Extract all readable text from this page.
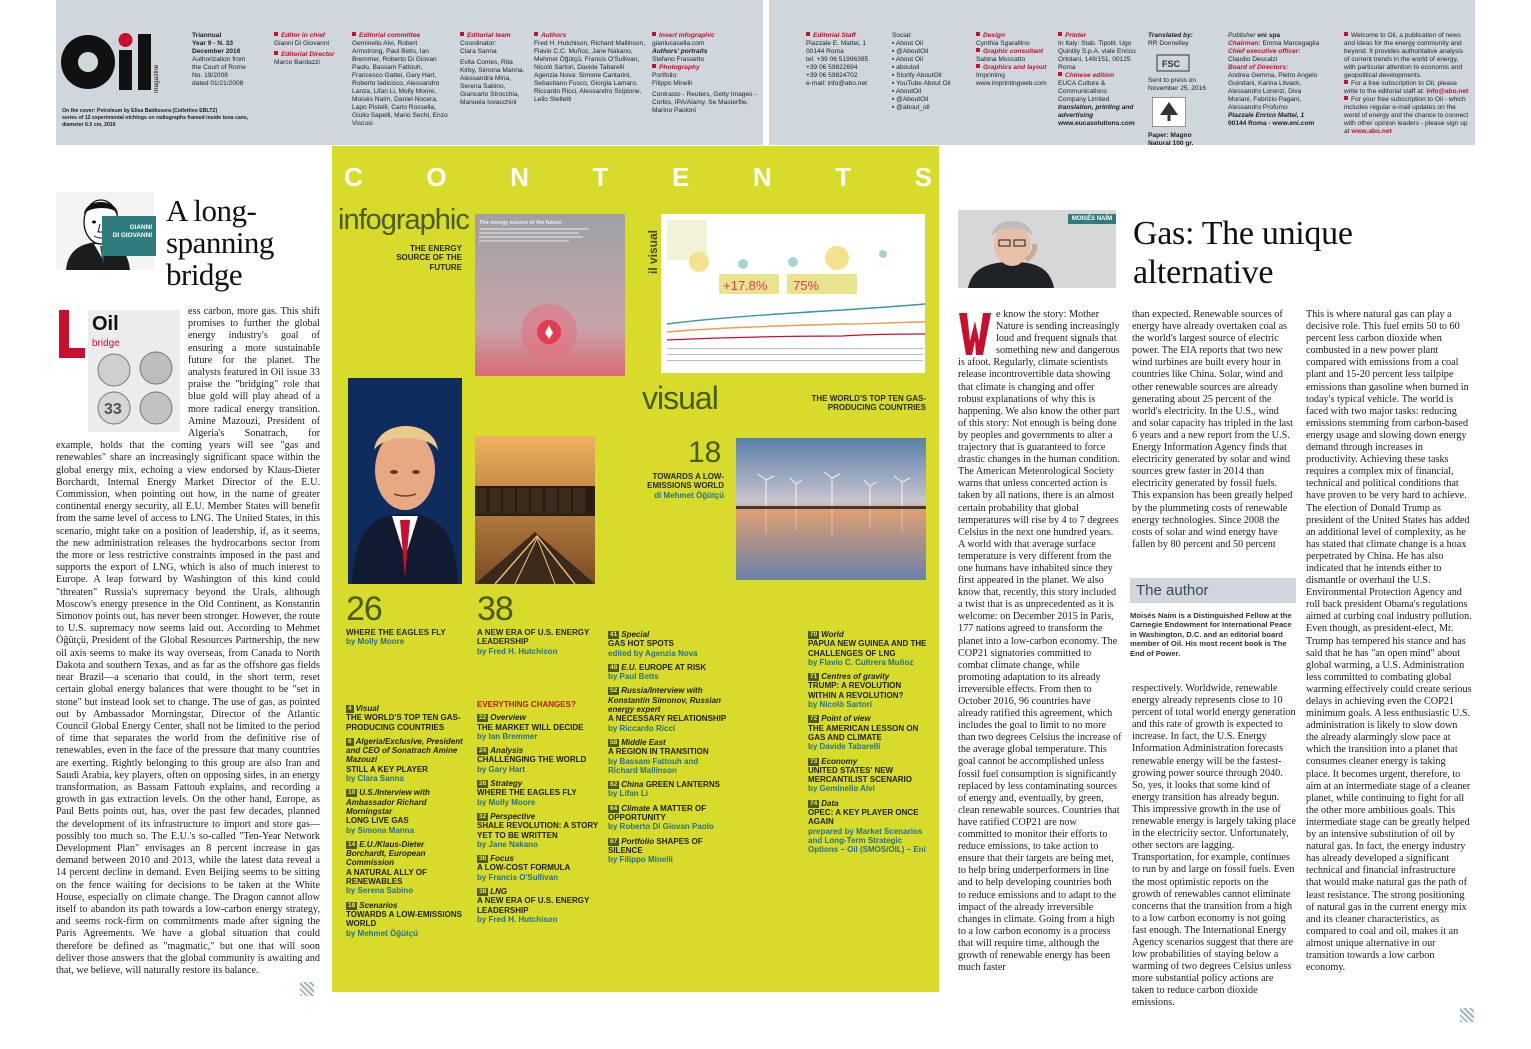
magazine
Triannual
Year 9 - N. 33
December 2016
Authorization from
the Court of Rome
No. 19/2008
dated 01/21/2008
On the cover: Petroleum by Elisa Baldissera (Collettivo EBLTZ)
series of 12 experimental etchings on radiographs framed inside tuna cans,
diameter 6.5 cm, 2016
Editor in chief
Gianni Di Giovanni
Editorial Director
Marco Bardazzi
Editorial committee
Geminello Alvi, Robert Armstrong, Paul Betts, Ian Bremmer, Roberto Di Giovan Paolo, Bassam Fattouh, Francesco Gattei, Gary Hart, Roberto Iadicicco, Alessandro Lanza, Lifan Li, Molly Moore, Moisés Naím, Daniel Nocera, Lapo Pistelli, Carlo Rossella, Giulio Sapelli, Mario Sechi, Enzo Viscusi
Editorial team
Coordinator:
Clara Sanna
Evita Comes, Rita Kirby, Simona Manna, Alessandra Mina, Serena Sabino, Giancarlo Strocchia, Manuela Iovacchini
Authors
Fred H. Hutchison, Richard Mallinson, Flavio C.C. Muñoz, Jane Nakano, Mehmet Öğütçü, Francis O'Sullivan, Nicolò Sartori, Davide Tabarelli
Agenzia Nova: Simone Cantarini, Sebastiano Fusco, Giorgia Lamaro, Riccardo Ricci, Alessandro Scipione, Lelio Stelletti
Insert infographic
gianlucasella.com
Authors' portraits
Stefano Frassetto
Photography
Portfolio:
Filippo Minelli
Contrasto - Reuters, Getty Images - Corbis, IPA/Alamy, Se Masterfile, Marino Paoloni
Editorial Staff
Piazzale E. Mattei, 1
00144 Roma
tel. +39 06 51996385
+39 06 59822694
+39 06 59824702
e-mail: info@abo.net
Social:
▪ About Oil
▪ @AboutOil
▪ About Oil
▪ aboutoil
▪ Storify AboutOil
▪ YouTube About Oil
▪ AboutOil
▪ @AboutOil
▪ @about_oil
Design
Cynthia Sgarallino
Graphic consultant
Sabina Moscatto
Graphics and layout
Imprinting
www.imprintingweb.com
Printer
In Italy: Stab. Tipolit. Ugo Quintily S.p.A. viale Enrico Ortolani, 149/151, 00125 Roma
Chinese edition
EUCA Culture & Communications Company Limited
translation, printing and advertising
www.eucasolutions.com
Translated by:
RR Donnelley
FSC
Sent to press on November 25, 2016
Paper: Magno Natural 100 gr.
Publisher eni spa
Chairman: Emma Marcegaglia
Chief executive officer:
Claudio Descalzi
Board of Directors:
Andrea Gemma, Pietro Angelo Guindani, Karina Litvack, Alessandro Lorenzi, Diva Moriani, Fabrizio Pagani, Alessandro Profumo
Piazzale Enrico Mattei, 1
00144 Roma - www.eni.com
Welcome to Oil, a publication of news and ideas for the energy community and beyond. It provides authoritative analysis of current trends in the world of energy, with particular attention to economic and geopolitical developments.
For a free subscription to Oil, please write to the editorial staff at: info@abo.net
For your free subscription to Oil - which includes regular e-mail updates on the world of energy and the chance to connect with other opinion leaders - please sign up at www.abo.net
GIANNI
DI GIOVANNI
A long-spanning bridge
L
Oil
bridge
33
ess carbon, more gas. This shift promises to further the global energy industry's goal of ensuring a more sustainable future for the planet. The analysts featured in Oil issue 33 praise the "bridging" role that blue gold will play ahead of a more radical energy transition. Amine Mazouzi, President of Algeria's Sonatrach, for example, holds that the coming years will see "gas and renewables" share an increasingly significant space within the global energy mix, echoing a view endorsed by Klaus-Dieter Borchardt, Internal Energy Market Director of the E.U. Commission, when pointing out how, in the name of greater continental energy security, all E.U. Member States will benefit from the same level of access to LNG. The United States, in this scenario, might take on a position of leadership, if, as it seems, the new administration releases the hydrocarbons sector from the more or less restrictive constraints imposed in the past and supports the export of LNG, which is also of much interest to Europe. A leap forward by Washington of this kind could "threaten" Russia's supremacy beyond the Urals, although Moscow's energy presence in the Old Continent, as Konstantin Simonov points out, has never been stronger. However, the route to U.S. supremacy now seems laid out. According to Mehmet Öğütçü, President of the Global Resources Partnership, the new oil axis seems to make its way overseas, from Canada to North Dakota and southern Texas, and as far as the offshore gas fields near Brazil—a scenario that could, in the short term, reset certain global energy balances that were thought to be "set in stone" but instead look set to change. The use of gas, as pointed out by Ambassador Morningstar, Director of the Atlantic Council Global Energy Center, shall not be limited to the period of time that separates the world from the definitive rise of renewables, even in the face of the pressure that many countries are exerting. Rightly belonging to this group are also Iran and Saudi Arabia, key players, often on opposing sides, in an energy transformation, as Bassam Fattouh explains, and recording a growth in gas extraction levels. On the other hand, Europe, as Paul Betts points out, has, over the past few decades, planned the development of its infrastructure to import and store gas—possibly too much so. The E.U.'s so-called "Ten-Year Network Development Plan" envisages an 8 percent increase in gas demand between 2010 and 2013, while the latest data reveal a 14 percent decline in demand. Even Beijing seems to be sitting on the fence waiting for decisions to be taken at the White House, especially on climate change. The Dragon cannot allow itself to abandon its path towards a low-carbon energy strategy, and seems rock-firm on commitments made after signing the Paris Agreements. We have a global situation that could therefore be defined as "magmatic," but one that will soon deliver those answers that the global community is awaiting and that, we believe, will naturally restore its balance.
C O N T E N T S
infographic
THE ENERGY SOURCE OF THE FUTURE
The energy source of the future
il visual
+17.8% 75%
visual	THE WORLD'S TOP TEN GAS-PRODUCING COUNTRIES
18
TOWARDS A LOW-EMISSIONS WORLD
di Mehmet Öğütçü
26
WHERE THE EAGLES FLY
by Molly Moore
38
A NEW ERA OF U.S. ENERGY LEADERSHIP
by Fred H. Hutchison
4 Visual
THE WORLD'S TOP TEN GAS-PRODUCING COUNTRIES
6 Algeria/Exclusive, President and CEO of Sonatrach Amine Mazouzi
STILL A KEY PLAYER
by Clara Sanna
10 U.S./Interview with Ambassador Richard Morningstar
LONG LIVE GAS
by Simona Manna
14 E.U./Klaus-Dieter Borchardt, European Commission
A NATURAL ALLY OF RENEWABLES
by Serena Sabino
18 Scenarios
TOWARDS A LOW-EMISSIONS WORLD
by Mehmet Öğütçü
EVERYTHING CHANGES?
22 Overview
THE MARKET WILL DECIDE
by Ian Bremmer
24 Analysis
CHALLENGING THE WORLD
by Gary Hart
26 Strategy
WHERE THE EAGLES FLY
by Molly Moore
32 Perspective
SHALE REVOLUTION: A STORY YET TO BE WRITTEN
by Jane Nakano
36 Focus
A LOW-COST FORMULA
by Francis O'Sullivan
38 LNG
A NEW ERA OF U.S. ENERGY LEADERSHIP
by Fred H. Hutchison
41 Special
GAS HOT SPOTS
edited by Agenzia Nova
48 E.U. EUROPE AT RISK
by Paul Betts
52 Russia/Interview with Konstantin Simonov, Russian energy expert
A NECESSARY RELATIONSHIP
by Riccardo Ricci
58 Middle East
A REGION IN TRANSITION
by Bassam Fattouh and Richard Mallinson
62 China GREEN LANTERNS
by Lifan Li
64 Climate A MATTER OF OPPORTUNITY
by Roberto Di Giovan Paolo
67 Portfolio SHAPES OF SILENCE
by Filippo Minelli
70 World
PAPUA NEW GUINEA AND THE CHALLENGES OF LNG
by Flavio C. Cultrera Muñoz
71 Centres of gravity
TRUMP: A REVOLUTION WITHIN A REVOLUTION?
by Nicolò Sartori
72 Point of view
THE AMERICAN LESSON ON GAS AND CLIMATE
by Davide Tabarelli
73 Economy
UNITED STATES' NEW MERCANTILIST SCENARIO
by Geminello Alvi
74 Data
OPEC: A KEY PLAYER ONCE AGAIN
prepared by Market Scenarios and Long-Term Strategic Options – Oil (SMOS/OIL) – Eni
MOISÉS NAÍM Gas: The unique alternative
W	e know the story: Mother Nature is sending increasingly loud and frequent signals that something new and dangerous is afoot. Regularly, climate scientists release incontrovertible data showing that climate is changing and offer robust explanations of why this is happening. We also know the other part of this story: Not enough is being done by peoples and governments to alter a trajectory that is guaranteed to force drastic changes in the human condition. The American Meteorological Society warns that unless concerted action is taken by all nations, there is an almost certain probability that global temperatures will rise by 4 to 7 degrees Celsius in the next one hundred years. A world with that average surface temperature is very different from the one humans have inhabited since they first appeared in the planet. We also know that, recently, this story included a twist that is as unprecedented as it is welcome: on December 2015 in Paris, 177 nations agreed to transform the planet into a low-carbon economy. The COP21 signatories committed to combat climate change, while promoting adaptation to its already irreversible effects. From then to October 2016, 96 countries have already ratified this agreement, which includes the goal to limit to no more than two degrees Celsius the increase of the average global temperature. This goal cannot be accomplished unless fossil fuel consumption is significantly replaced by less contaminating sources of energy and, eventually, by green, clean renewable sources. Countries that have ratified COP21 are now committed to monitor their efforts to reduce emissions, to take action to ensure that their targets are being met, to help bring underperformers in line and to help developing countries both to reduce emissions and to adapt to the impact of the already irreversible changes in climate. Going from a high to a low carbon economy is a process that will require time, although the growth of renewable energy has been much faster
than expected. Renewable sources of energy have already overtaken coal as the world's largest source of electric power. The EIA reports that two new wind turbines are built every hour in countries like China. Solar, wind and other renewable sources are already generating about 25 percent of the world's electricity. In the U.S., wind and solar capacity has tripled in the last 6 years and a new report from the U.S. Energy Information Agency finds that electricity generated by solar and wind sources grew faster in 2014 than electricity generated by fossil fuels. This expansion has been greatly helped by the plummeting costs of renewable energy technologies. Since 2008 the costs of solar and wind energy have fallen by 80 percent and 50 percent
The author
Moisés Naím is a Distinguished Fellow at the Carnegie Endowment for International Peace in Washington, D.C. and an editorial board member of Oil. His most recent book is The End of Power.
respectively. Worldwide, renewable energy already represents close to 10 percent of total world energy generation and this rate of growth is expected to increase. In fact, the U.S. Energy Information Administration forecasts renewable energy will be the fastest-growing power source through 2040. So, yes, it looks that some kind of energy transition has already begun. This impressive growth in the use of renewable energy is largely taking place in the electricity sector. Unfortunately, other sectors are lagging. Transportation, for example, continues to run by and large on fossil fuels. Even the most optimistic reports on the growth of renewables cannot eliminate concerns that the transition from a high to a low carbon economy is not going fast enough. The International Energy Agency scenarios suggest that there are low probabilities of staying below a warming of two degrees Celsius unless more substantial policy actions are taken to reduce carbon dioxide emissions.
This is where natural gas can play a decisive role. This fuel emits 50 to 60 percent less carbon dioxide when combusted in a new power plant compared with emissions from a coal plant and 15-20 percent less tailpipe emissions than gasoline when burned in today's typical vehicle. The world is faced with two major tasks: reducing emissions stemming from carbon-based energy usage and slowing down energy demand through increases in productivity. Achieving these tasks requires a complex mix of financial, technical and political conditions that have proven to be very hard to achieve. The election of Donald Trump as president of the United States has added an additional level of complexity, as he has stated that climate change is a hoax perpetrated by China. He has also indicated that he intends either to dismantle or overhaul the U.S. Environmental Protection Agency and roll back president Obama's regulations aimed at curbing coal industry pollution. Even though, as president-elect, Mr. Trump has tempered his stance and has said that he has "an open mind" about global warming, a U.S. Administration less committed to combating global warming effectively could create serious delays in achieving even the COP21 minimum goals. A less enthusiastic U.S. administration is likely to slow down the already alarmingly slow pace at which the transition into a planet that consumes cleaner energy is taking place. It becomes urgent, therefore, to aim at an intermediate stage of a cleaner planet, while continuing to fight for all the other more ambitious goals. This intermediate stage can be greatly helped by an intensive substitution of oil by natural gas. In fact, the energy industry has already developed a significant technical and financial infrastructure that would make natural gas the path of least resistance. The strong positioning of natural gas in the current energy mix and its cleaner characteristics, as compared to coal and oil, makes it an almost unique alternative in our transition towards a low carbon economy.
